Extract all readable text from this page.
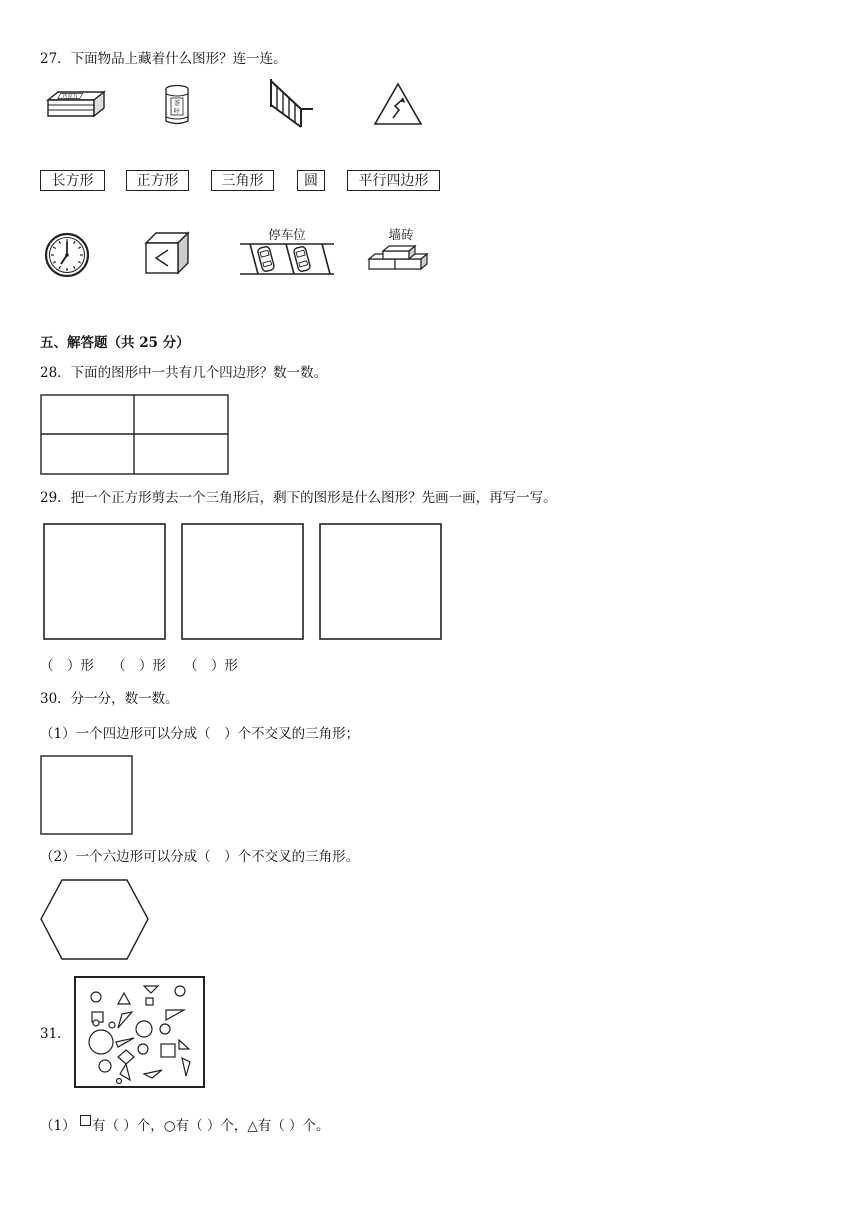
27．下面物品上藏着什么图形？连一连。
巧克力
茶
叶
长方形	正方形	三角形	圆	平行四边形
停车位	墙砖
五、解答题（共 25 分）
28．下面的图形中一共有几个四边形？数一数。
29．把一个正方形剪去一个三角形后，剩下的图形是什么图形？先画一画，再写一写。
（　）形 （　）形 （　）形
30．分一分，数一数。
（1）一个四边形可以分成（　）个不交叉的三角形；
（2）一个六边形可以分成（　）个不交叉的三角形。
31．
（1） 有（ ）个，○有（ ）个，△有（ ）个。
